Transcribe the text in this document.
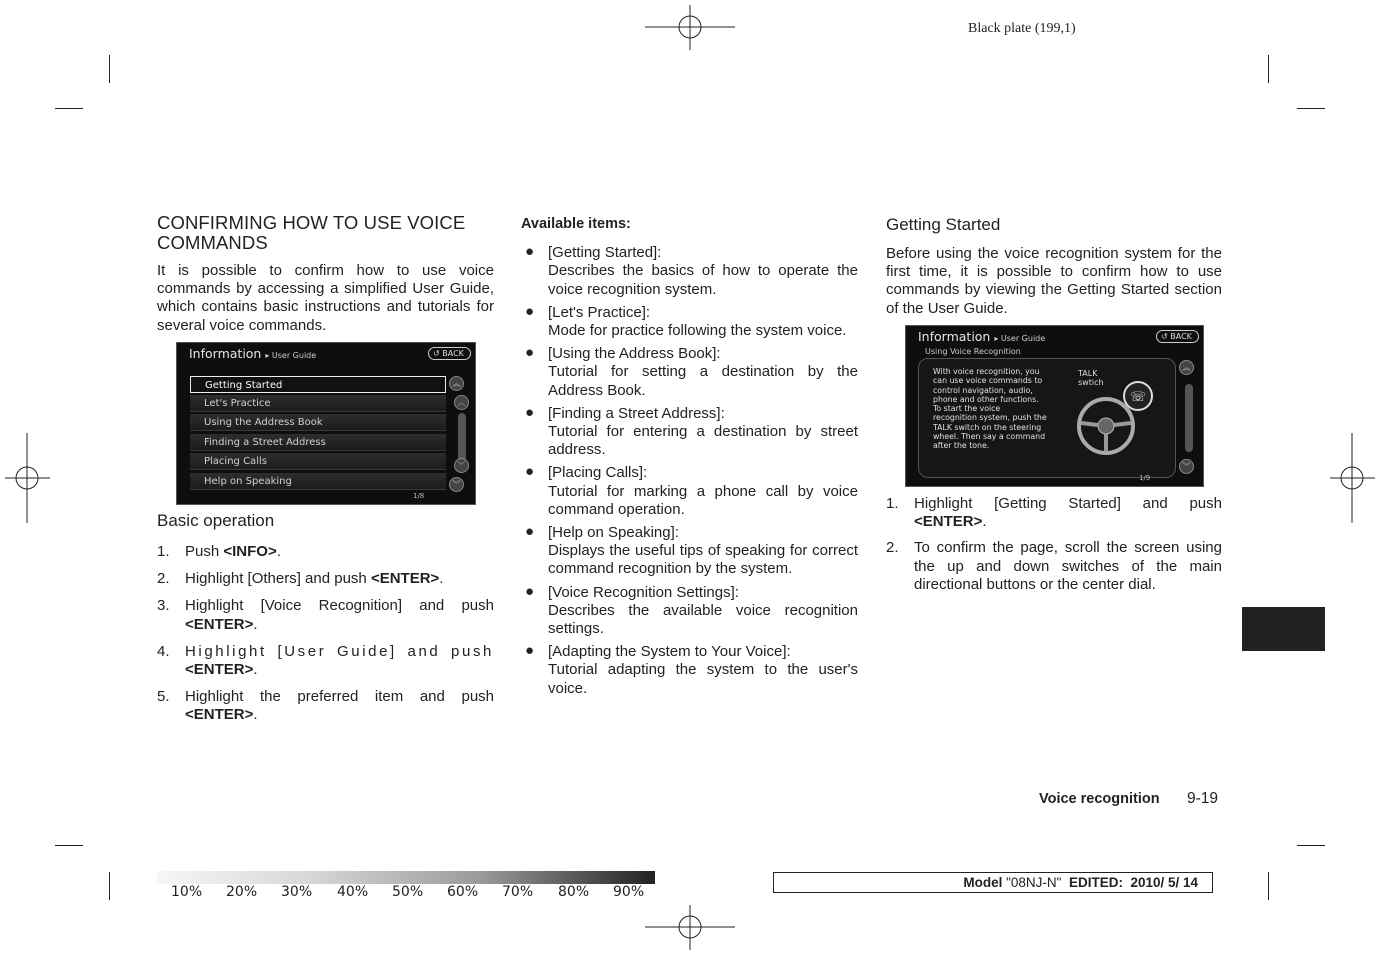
Black plate (199,1)
CONFIRMING HOW TO USE VOICE
COMMANDS

It is possible to confirm how to use voice commands by accessing a simplified User Guide, which contains basic instructions and tutorials for several voice commands.

Information ▸ User Guide	↺ BACK
Getting Started
Let's Practice
Using the Address Book
Finding a Street Address
Placing Calls
Help on Speaking
︽
︿
﹀
︾
1/8
Basic operation
1. Push <INFO>.
2. Highlight [Others] and push <ENTER>.
3. Highlight [Voice Recognition] and push <ENTER>.
4. Highlight [User Guide] and push <ENTER>.
5. Highlight the preferred item and push <ENTER>.

Available items:

● [Getting Started]:
Describes the basics of how to operate the voice recognition system.
● [Let's Practice]:
Mode for practice following the system voice.
● [Using the Address Book]:
Tutorial for setting a destination by the Address Book.
● [Finding a Street Address]:
Tutorial for entering a destination by street address.
● [Placing Calls]:
Tutorial for marking a phone call by voice command operation.
● [Help on Speaking]:
Displays the useful tips of speaking for correct command recognition by the system.
● [Voice Recognition Settings]:
Describes the available voice recognition settings.
● [Adapting the System to Your Voice]:
Tutorial adapting the system to the user's voice.
Getting Started

Before using the voice recognition system for the first time, it is possible to confirm how to use commands by viewing the Getting Started section of the User Guide.

Information ▸ User Guide	↺ BACK
Using Voice Recognition
With voice recognition, you
can use voice commands to
control navigation, audio,
phone and other functions.
To start the voice
recognition system, push the
TALK switch on the steering
wheel. Then say a command
after the tone.
TALK
swtich
☏
︽
︾
1/9
1. Highlight [Getting Started] and push <ENTER>.
2. To confirm the page, scroll the screen using the up and down switches of the main directional buttons or the center dial.
Voice recognition 9-19
10% 20% 30% 40% 50% 60% 70% 80% 90%
Model "08NJ-N"  EDITED:  2010/ 5/ 14
